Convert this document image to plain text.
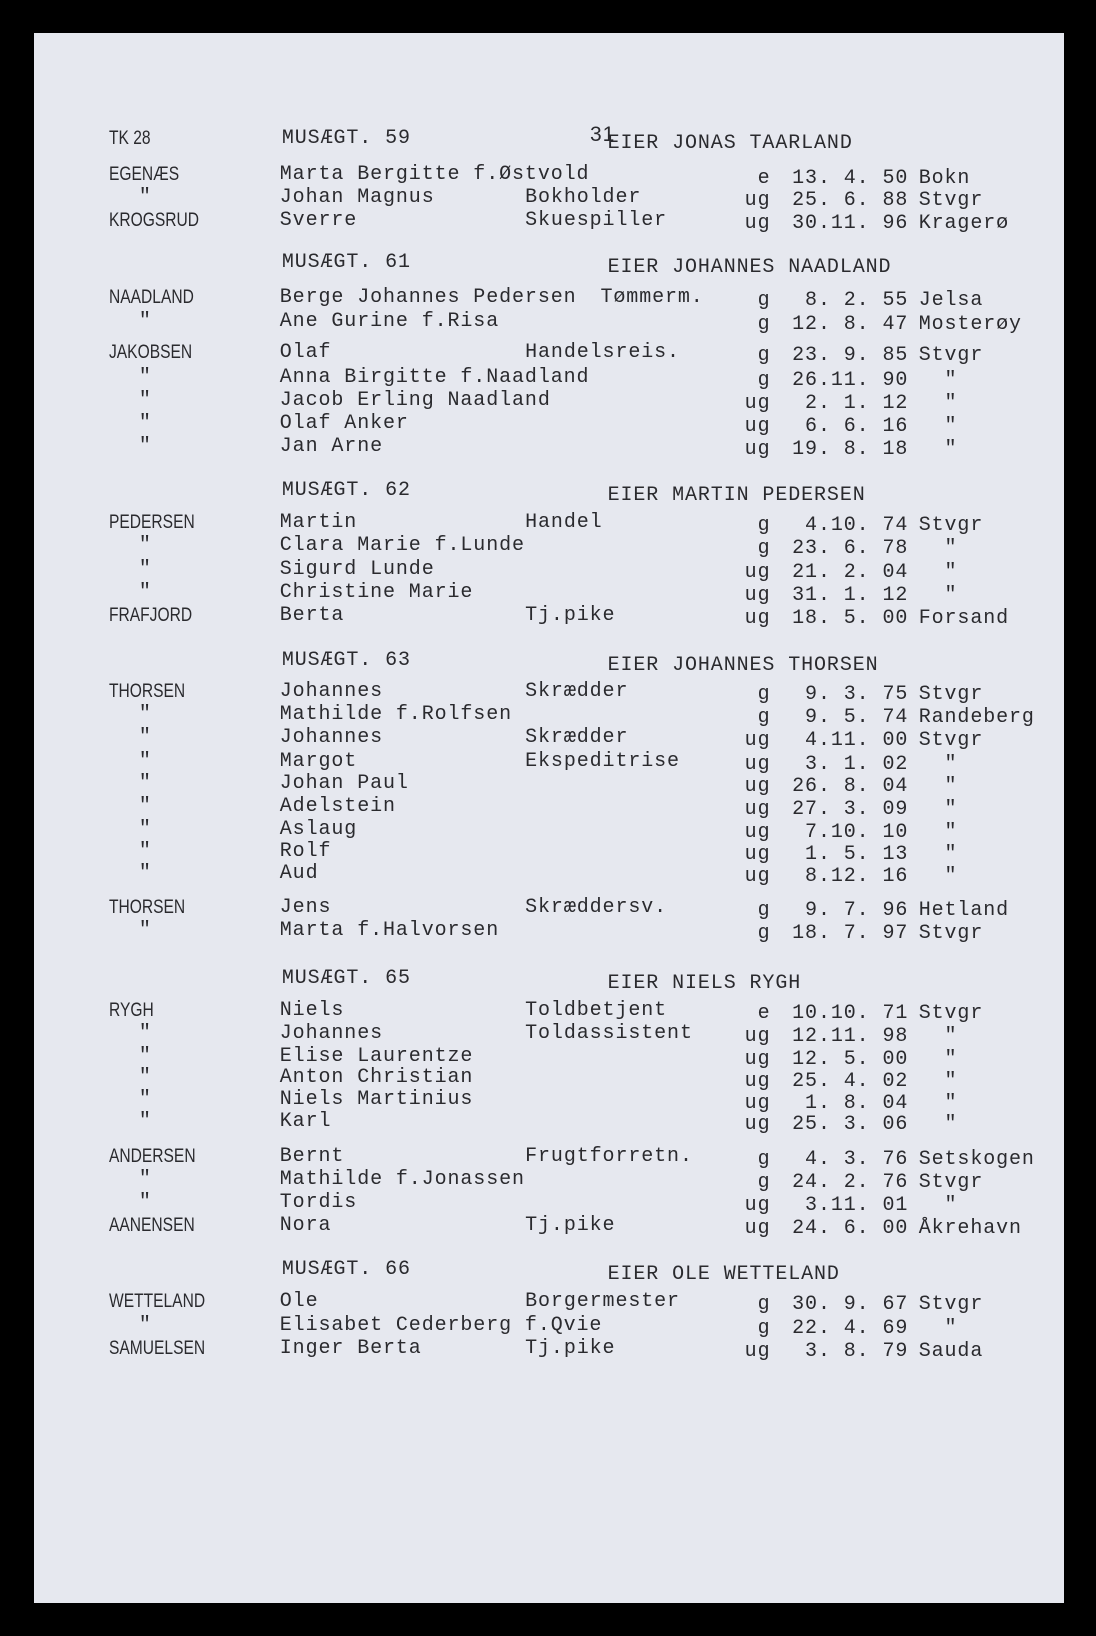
31
TK 28	MUSÆGT. 59	EIER JONAS TAARLAND
EGENÆS	Marta Bergitte f.Østvold	e 13. 4. 50 Bokn
"	Johan Magnus	Bokholder	ug 25. 6. 88 Stvgr
KROGSRUD	Sverre	Skuespiller	ug 30.11. 96 Kragerø
MUSÆGT. 61	EIER JOHANNES NAADLAND
NAADLAND	Berge Johannes Pedersen Tømmerm.	g 8. 2. 55 Jelsa
"	Ane Gurine f.Risa	g 12. 8. 47 Mosterøy
JAKOBSEN	Olaf	Handelsreis.	g 23. 9. 85 Stvgr
"	Anna Birgitte f.Naadland	g 26.11. 90 "
"	Jacob Erling Naadland	ug 2. 1. 12 "
"	Olaf Anker	ug 6. 6. 16 "
"	Jan Arne	ug 19. 8. 18 "
MUSÆGT. 62	EIER MARTIN PEDERSEN
PEDERSEN	Martin	Handel	g 4.10. 74 Stvgr
"	Clara Marie f.Lunde	g 23. 6. 78 "
"	Sigurd Lunde	ug 21. 2. 04 "
"	Christine Marie	ug 31. 1. 12 "
FRAFJORD	Berta	Tj.pike	ug 18. 5. 00 Forsand
MUSÆGT. 63	EIER JOHANNES THORSEN
THORSEN	Johannes	Skrædder	g 9. 3. 75 Stvgr
"	Mathilde f.Rolfsen	g 9. 5. 74 Randeberg
"	Johannes	Skrædder	ug 4.11. 00 Stvgr
"	Margot	Ekspeditrise	ug 3. 1. 02 "
"	Johan Paul	ug 26. 8. 04 "
"	Adelstein	ug 27. 3. 09 "
"	Aslaug	ug 7.10. 10 "
"	Rolf	ug 1. 5. 13 "
"	Aud	ug 8.12. 16 "
THORSEN	Jens	Skræddersv.	g 9. 7. 96 Hetland
"	Marta f.Halvorsen	g 18. 7. 97 Stvgr
MUSÆGT. 65	EIER NIELS RYGH
RYGH	Niels	Toldbetjent	e 10.10. 71 Stvgr
"	Johannes	Toldassistent	ug 12.11. 98 "
"	Elise Laurentze	ug 12. 5. 00 "
"	Anton Christian	ug 25. 4. 02 "
"	Niels Martinius	ug 1. 8. 04 "
"	Karl	ug 25. 3. 06 "
ANDERSEN	Bernt	Frugtforretn.	g 4. 3. 76 Setskogen
"	Mathilde f.Jonassen	g 24. 2. 76 Stvgr
"	Tordis	ug 3.11. 01 "
AANENSEN	Nora	Tj.pike	ug 24. 6. 00 Åkrehavn
MUSÆGT. 66	EIER OLE WETTELAND
WETTELAND	Ole	Borgermester	g 30. 9. 67 Stvgr
"	Elisabet Cederberg f.Qvie	g 22. 4. 69 "
SAMUELSEN	Inger Berta	Tj.pike	ug 3. 8. 79 Sauda
